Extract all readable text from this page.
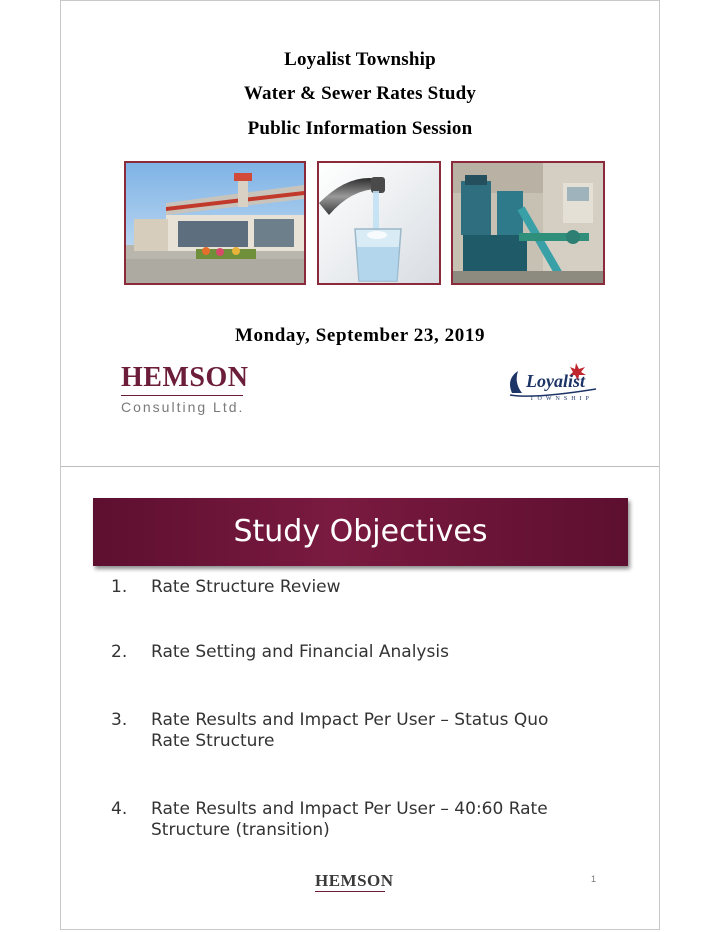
Loyalist Township
Water & Sewer Rates Study
Public Information Session
Monday, September 23, 2019
HEMSON
Consulting Ltd.
Loyalist
TOWNSHIP
Study Objectives
1.	Rate Structure Review
2.	Rate Setting and Financial Analysis
3.	Rate Results and Impact Per User – Status Quo Rate Structure
4.	Rate Results and Impact Per User – 40:60 Rate Structure (transition)
HEMSON	1
